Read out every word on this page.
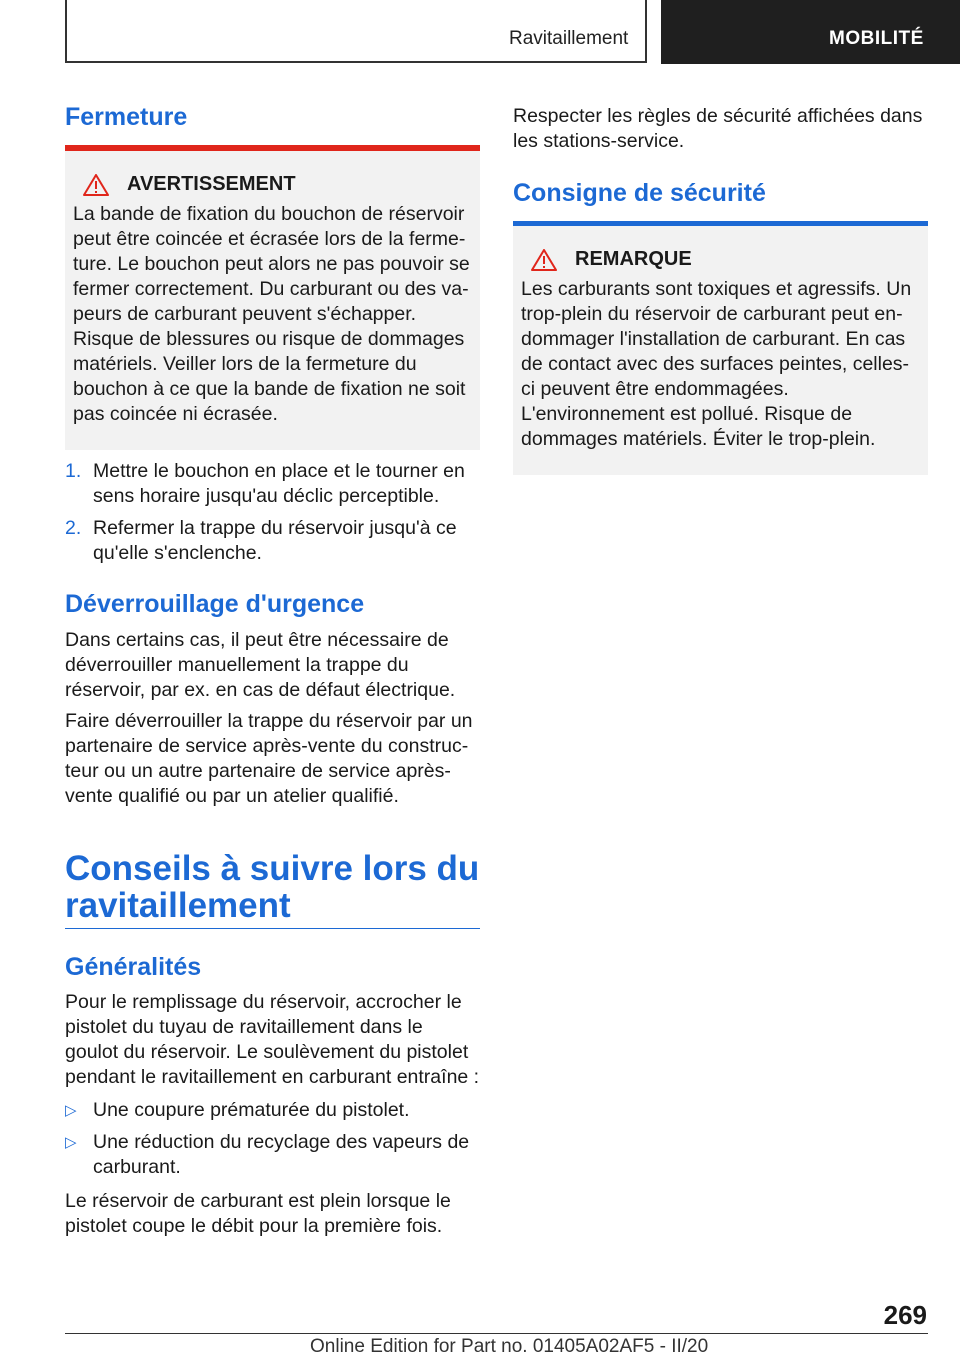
Ravitaillement	MOBILITÉ
Fermeture
AVERTISSEMENT

La bande de fixation du bouchon de réservoir peut être coincée et écrasée lors de la fermeture. Le bouchon peut alors ne pas pouvoir se fermer correctement. Du carburant ou des vapeurs de carburant peuvent s'échapper. Risque de blessures ou risque de dommages matériels. Veiller lors de la fermeture du bouchon à ce que la bande de fixation ne soit pas coincée ni écrasée.

1. Mettre le bouchon en place et le tourner en sens horaire jusqu'au déclic perceptible.
2. Refermer la trappe du réservoir jusqu'à ce qu'elle s'enclenche.
Déverrouillage d'urgence

Dans certains cas, il peut être nécessaire de déverrouiller manuellement la trappe du réservoir, par ex. en cas de défaut électrique.

Faire déverrouiller la trappe du réservoir par un partenaire de service après-vente du constructeur ou un autre partenaire de service après-vente qualifié ou par un atelier qualifié.

Conseils à suivre lors du ravitaillement
Généralités

Pour le remplissage du réservoir, accrocher le pistolet du tuyau de ravitaillement dans le goulot du réservoir. Le soulèvement du pistolet pendant le ravitaillement en carburant entraîne :

▷ Une coupure prématurée du pistolet.
▷ Une réduction du recyclage des vapeurs de carburant.

Le réservoir de carburant est plein lorsque le pistolet coupe le débit pour la première fois.

Respecter les règles de sécurité affichées dans les stations-service.

Consigne de sécurité
REMARQUE

Les carburants sont toxiques et agressifs. Un trop-plein du réservoir de carburant peut endommager l'installation de carburant. En cas de contact avec des surfaces peintes, celles-ci peuvent être endommagées. L'environnement est pollué. Risque de dommages matériels. Éviter le trop-plein.

269
Online Edition for Part no. 01405A02AF5 - II/20
